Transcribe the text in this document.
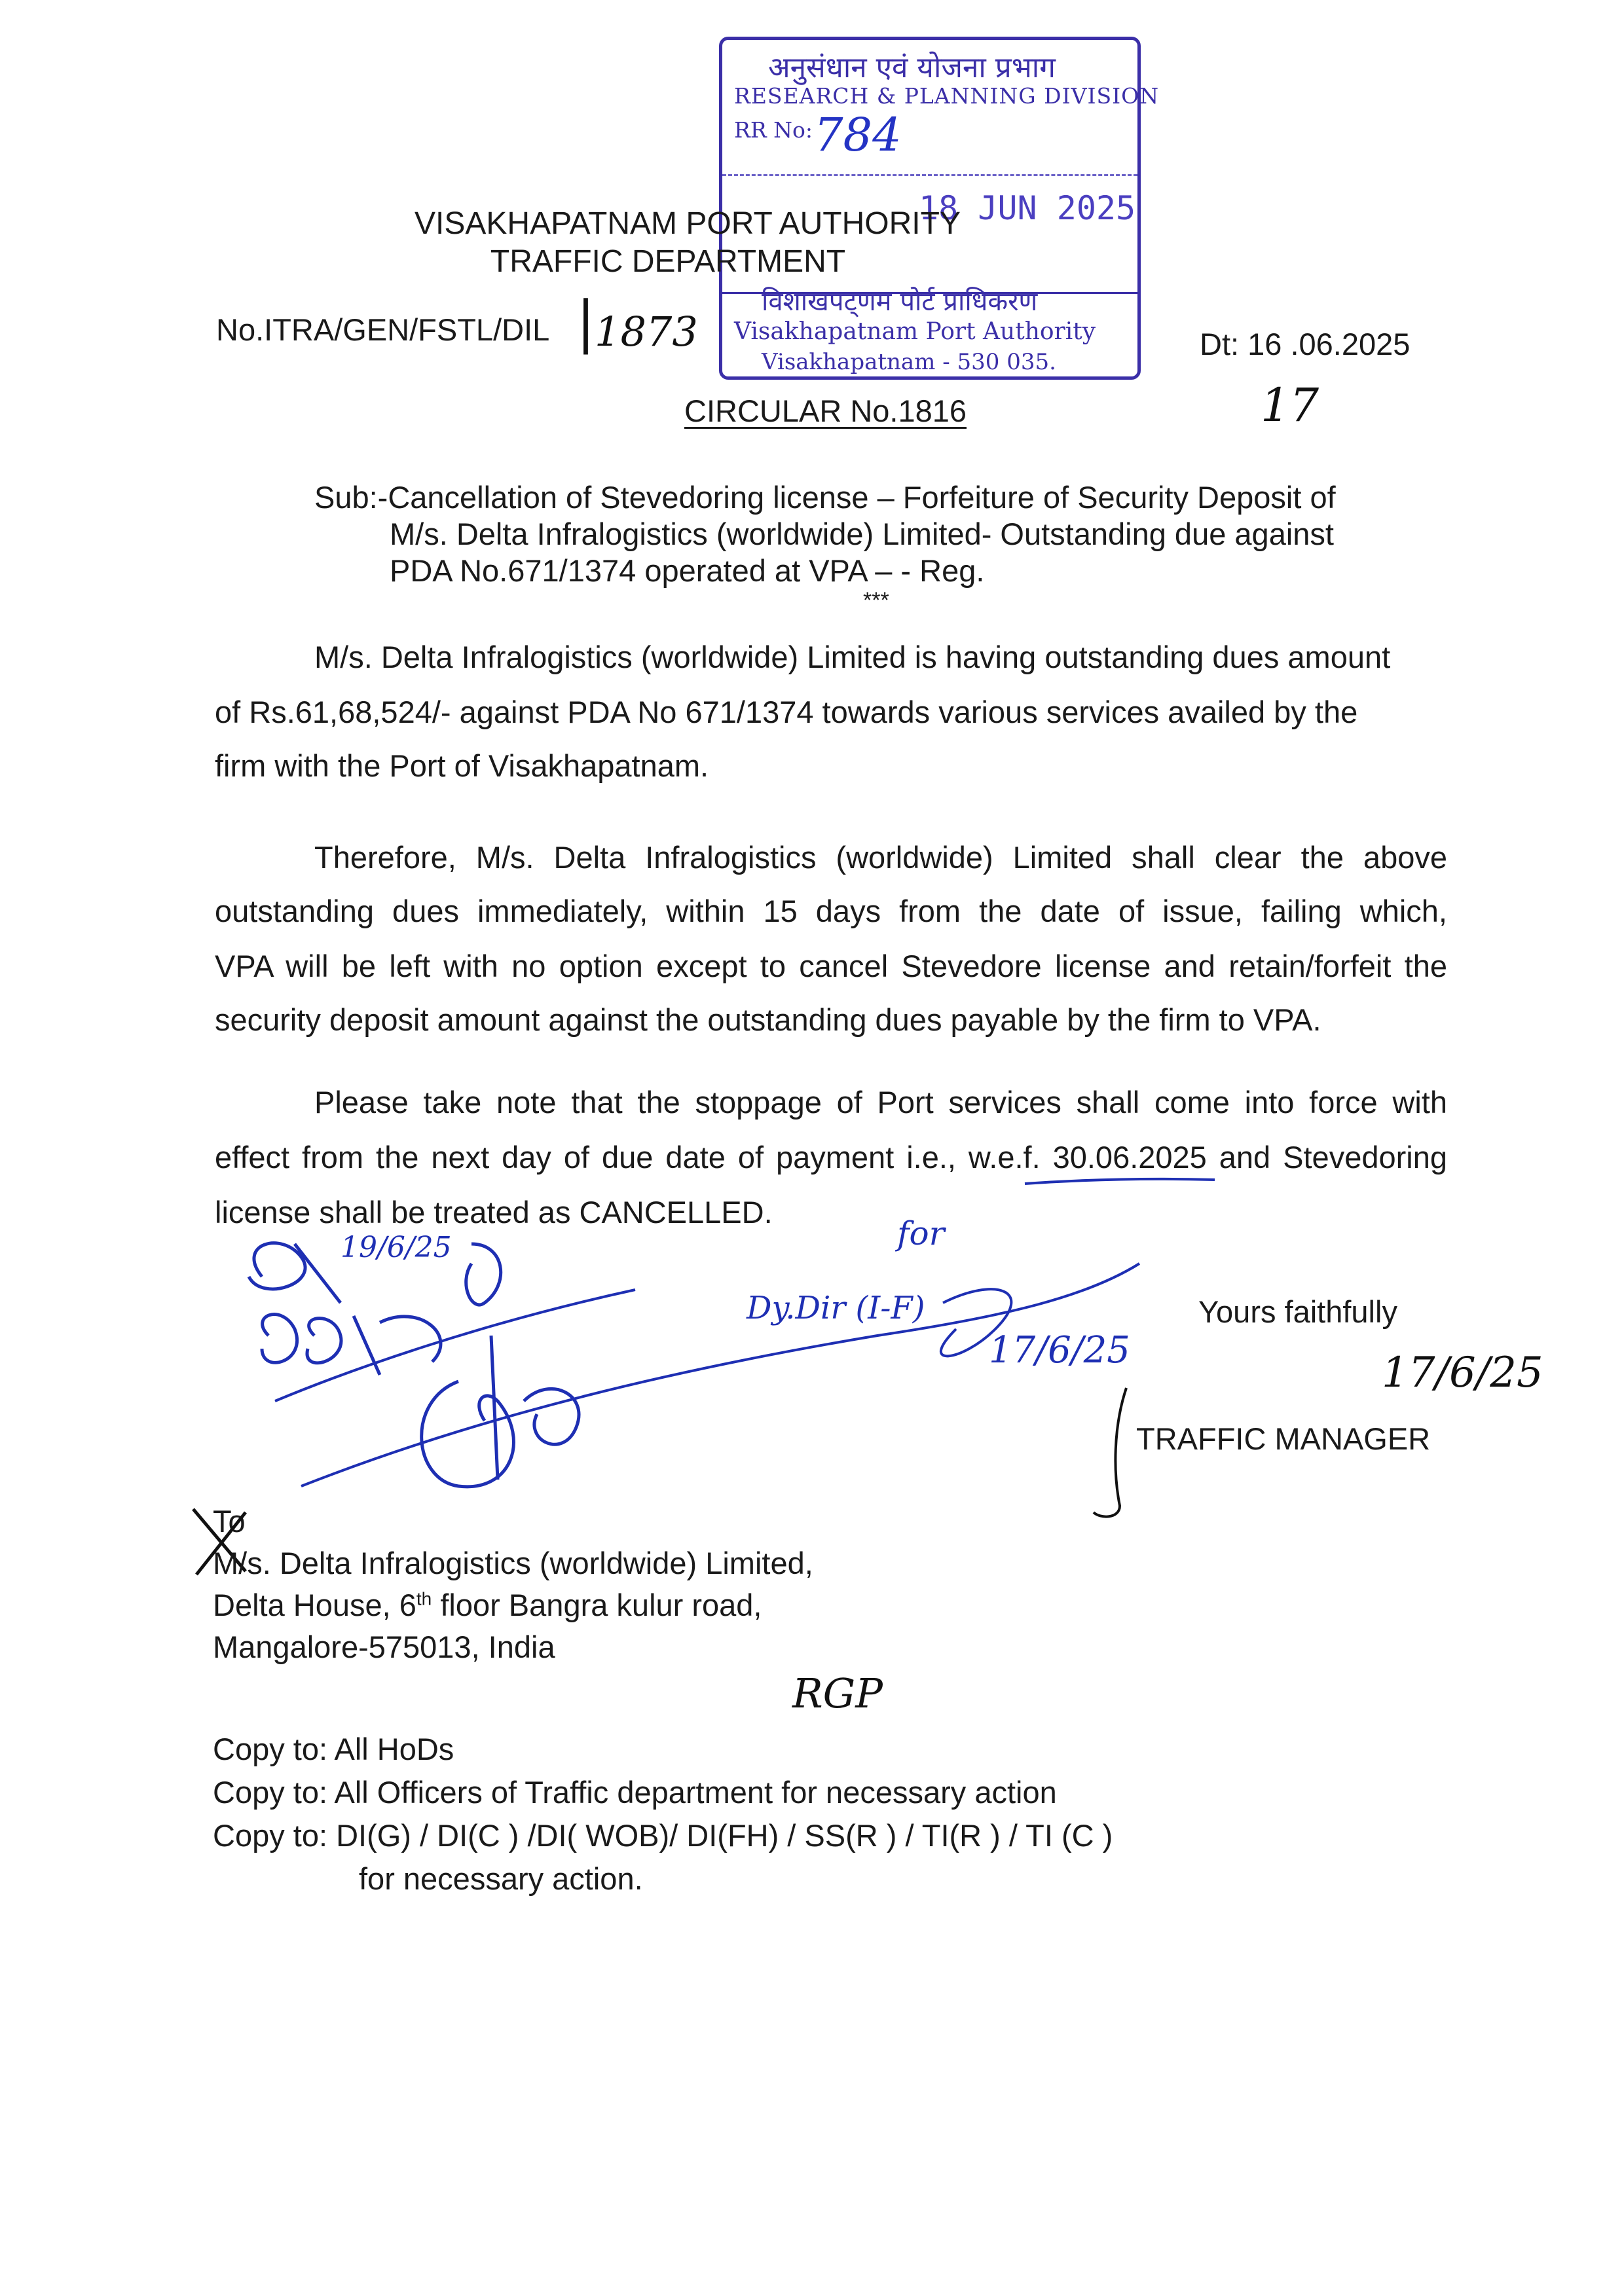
अनुसंधान एवं योजना प्रभाग
RESEARCH & PLANNING DIVISION
RR No: 784
18 JUN 2025
विशाखपट्णम पोर्ट प्राधिकरण
Visakhapatnam Port Authority
Visakhapatnam - 530 035.
VISAKHAPATNAM PORT AUTHORITY
TRAFFIC DEPARTMENT
No.ITRA/GEN/FSTL/DIL | 1873	Dt: 16 .06.2025
17
CIRCULAR No.1816
Sub:-Cancellation of Stevedoring license – Forfeiture of Security Deposit of
M/s. Delta Infralogistics (worldwide) Limited- Outstanding due against
PDA No.671/1374 operated at VPA – - Reg.
***
M/s. Delta Infralogistics (worldwide) Limited is having outstanding dues amount
of Rs.61,68,524/- against PDA No 671/1374 towards various services availed by the
firm with the Port of Visakhapatnam.
Therefore, M/s. Delta Infralogistics (worldwide) Limited shall clear the above
outstanding dues immediately, within 15 days from the date of issue, failing which,
VPA will be left with no option except to cancel Stevedore license and retain/forfeit the
security deposit amount against the outstanding dues payable by the firm to VPA.
Please take note that the stoppage of Port services shall come into force with
effect from the next day of due date of payment i.e., w.e.f. 30.06.2025 and Stevedoring
license shall be treated as CANCELLED.
19/6/25
Dy.Dir (I-F)
for
17/6/25	17/6/25
RGP
Yours faithfully
TRAFFIC MANAGER
To
M/s. Delta Infralogistics (worldwide) Limited,
Delta House, 6th floor Bangra kulur road,
Mangalore-575013, India
Copy to: All HoDs
Copy to: All Officers of Traffic department for necessary action
Copy to: DI(G) / DI(C ) /DI( WOB)/ DI(FH) / SS(R ) / TI(R ) / TI (C )
for necessary action.
